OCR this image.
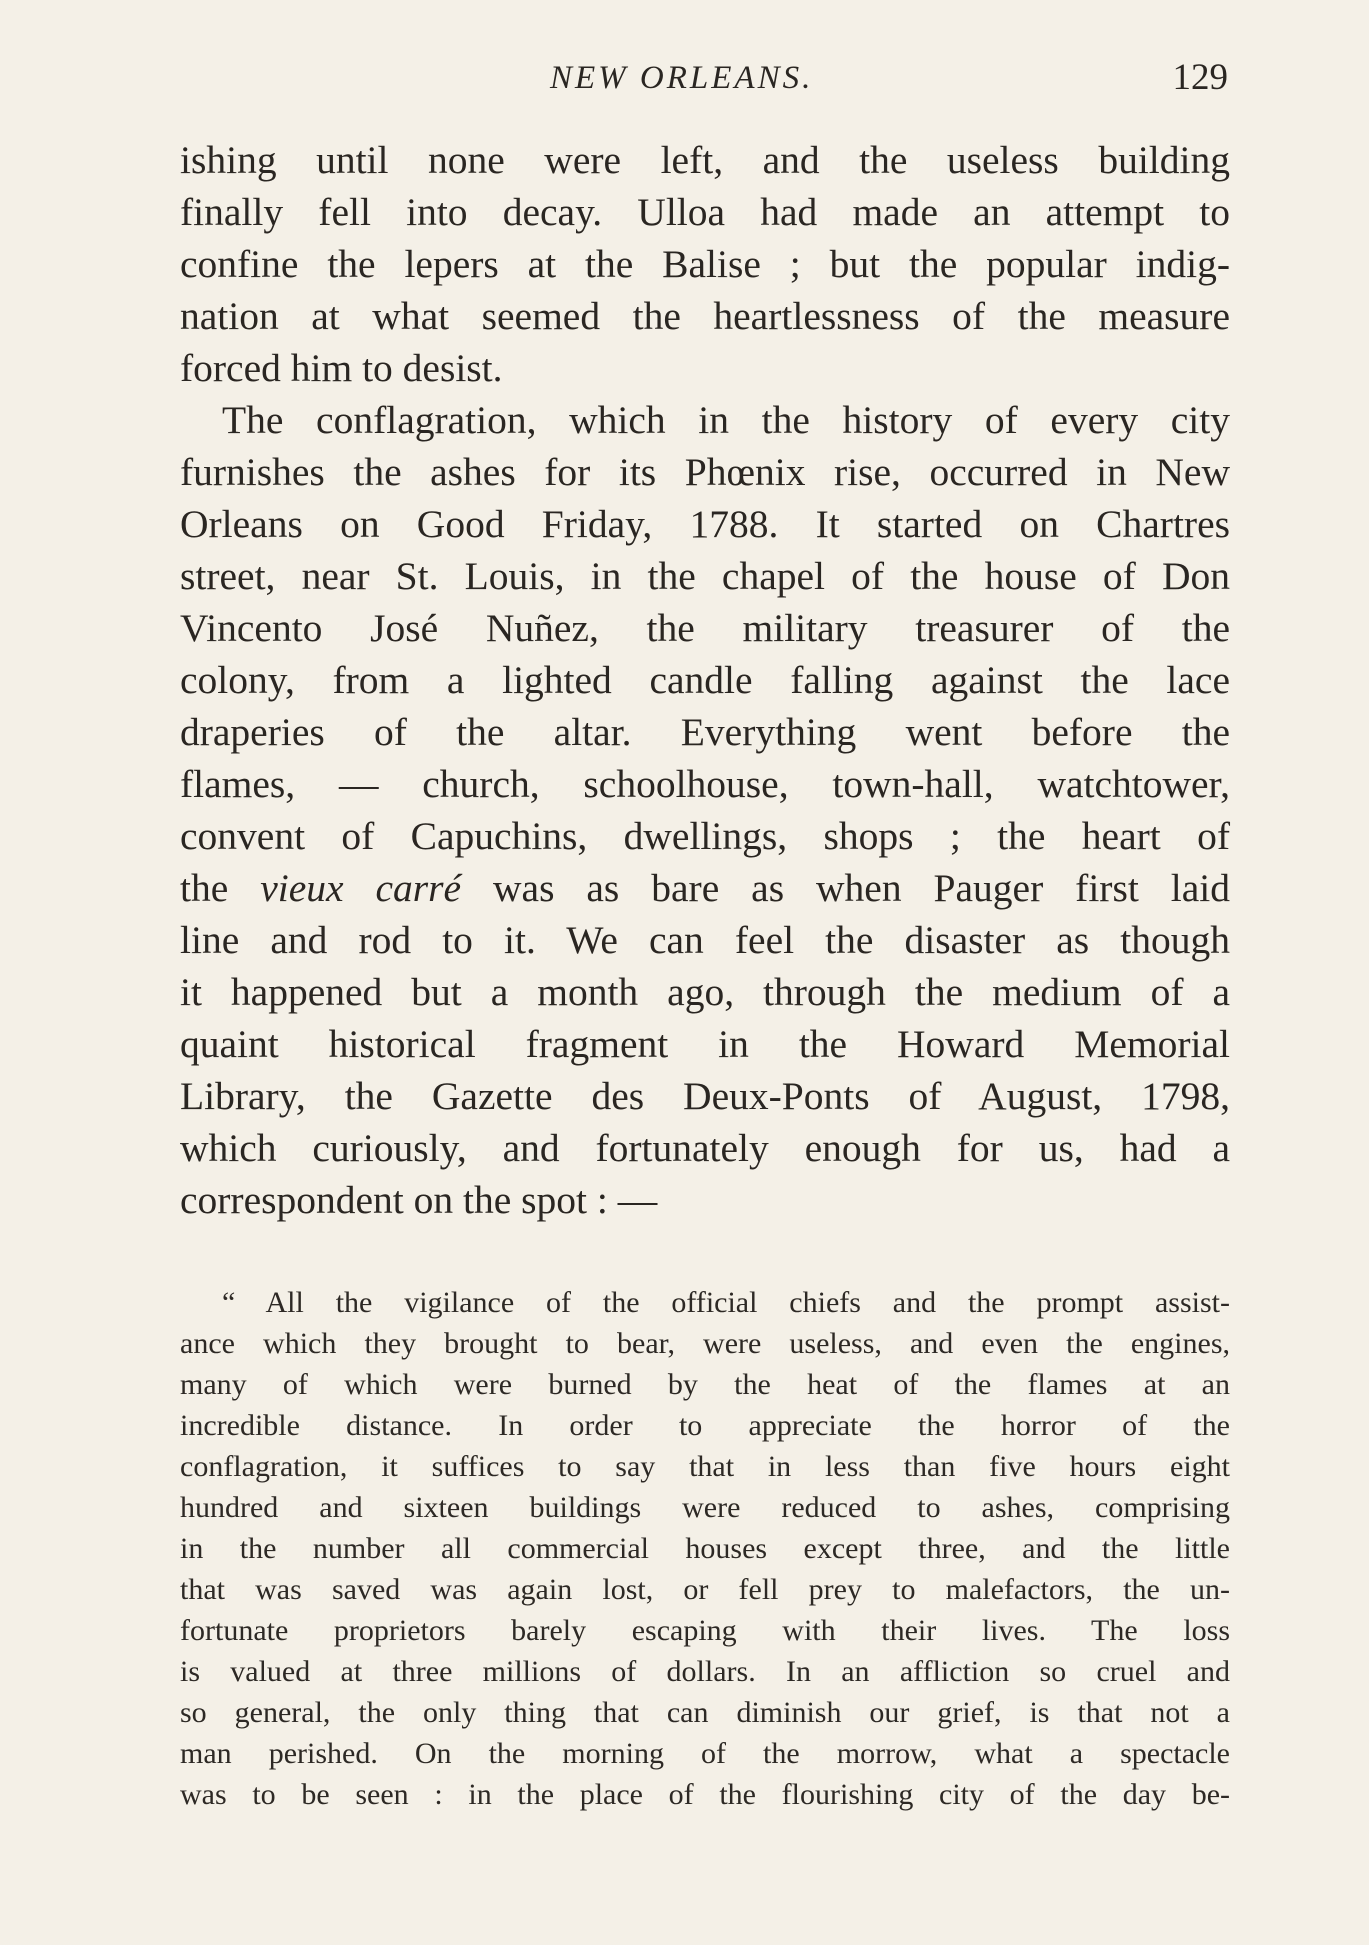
NEW ORLEANS.	129
ishing until none were left, and the useless building
finally fell into decay. Ulloa had made an attempt to
confine the lepers at the Balise ; but the popular indig-
nation at what seemed the heartlessness of the measure
forced him to desist.
The conflagration, which in the history of every city
furnishes the ashes for its Phœnix rise, occurred in New
Orleans on Good Friday, 1788. It started on Chartres
street, near St. Louis, in the chapel of the house of Don
Vincento José Nuñez, the military treasurer of the
colony, from a lighted candle falling against the lace
draperies of the altar. Everything went before the
flames, — church, schoolhouse, town-hall, watchtower,
convent of Capuchins, dwellings, shops ; the heart of
the vieux carré was as bare as when Pauger first laid
line and rod to it. We can feel the disaster as though
it happened but a month ago, through the medium of a
quaint historical fragment in the Howard Memorial
Library, the Gazette des Deux-Ponts of August, 1798,
which curiously, and fortunately enough for us, had a
correspondent on the spot : —
“ All the vigilance of the official chiefs and the prompt assist-
ance which they brought to bear, were useless, and even the engines,
many of which were burned by the heat of the flames at an
incredible distance. In order to appreciate the horror of the
conflagration, it suffices to say that in less than five hours eight
hundred and sixteen buildings were reduced to ashes, comprising
in the number all commercial houses except three, and the little
that was saved was again lost, or fell prey to malefactors, the un-
fortunate proprietors barely escaping with their lives. The loss
is valued at three millions of dollars. In an affliction so cruel and
so general, the only thing that can diminish our grief, is that not a
man perished. On the morning of the morrow, what a spectacle
was to be seen : in the place of the flourishing city of the day be-
